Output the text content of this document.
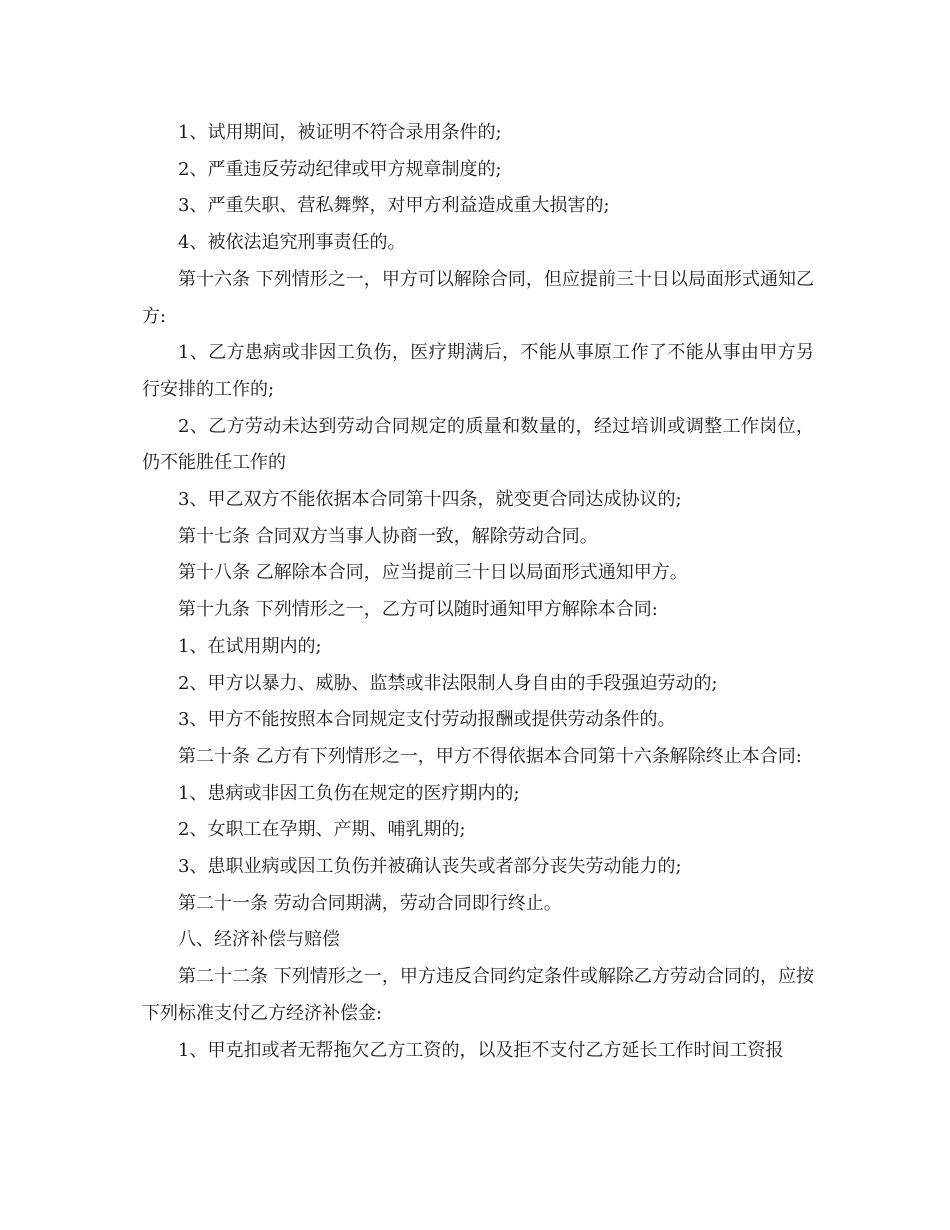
1、试用期间，被证明不符合录用条件的;

2、严重违反劳动纪律或甲方规章制度的;

3、严重失职、营私舞弊，对甲方利益造成重大损害的;

4、被依法追究刑事责任的。

第十六条 下列情形之一，甲方可以解除合同，但应提前三十日以局面形式通知乙方:

1、乙方患病或非因工负伤，医疗期满后，不能从事原工作了不能从事由甲方另行安排的工作的;

2、乙方劳动未达到劳动合同规定的质量和数量的，经过培训或调整工作岗位，仍不能胜任工作的

3、甲乙双方不能依据本合同第十四条，就变更合同达成协议的;

第十七条 合同双方当事人协商一致，解除劳动合同。

第十八条 乙解除本合同，应当提前三十日以局面形式通知甲方。

第十九条 下列情形之一，乙方可以随时通知甲方解除本合同:

1、在试用期内的;

2、甲方以暴力、威胁、监禁或非法限制人身自由的手段强迫劳动的;

3、甲方不能按照本合同规定支付劳动报酬或提供劳动条件的。

第二十条 乙方有下列情形之一，甲方不得依据本合同第十六条解除终止本合同:

1、患病或非因工负伤在规定的医疗期内的;

2、女职工在孕期、产期、哺乳期的;

3、患职业病或因工负伤并被确认丧失或者部分丧失劳动能力的;

第二十一条 劳动合同期满，劳动合同即行终止。

八、经济补偿与赔偿

第二十二条 下列情形之一，甲方违反合同约定条件或解除乙方劳动合同的，应按下列标准支付乙方经济补偿金:

1、甲克扣或者无帮拖欠乙方工资的，以及拒不支付乙方延长工作时间工资报
